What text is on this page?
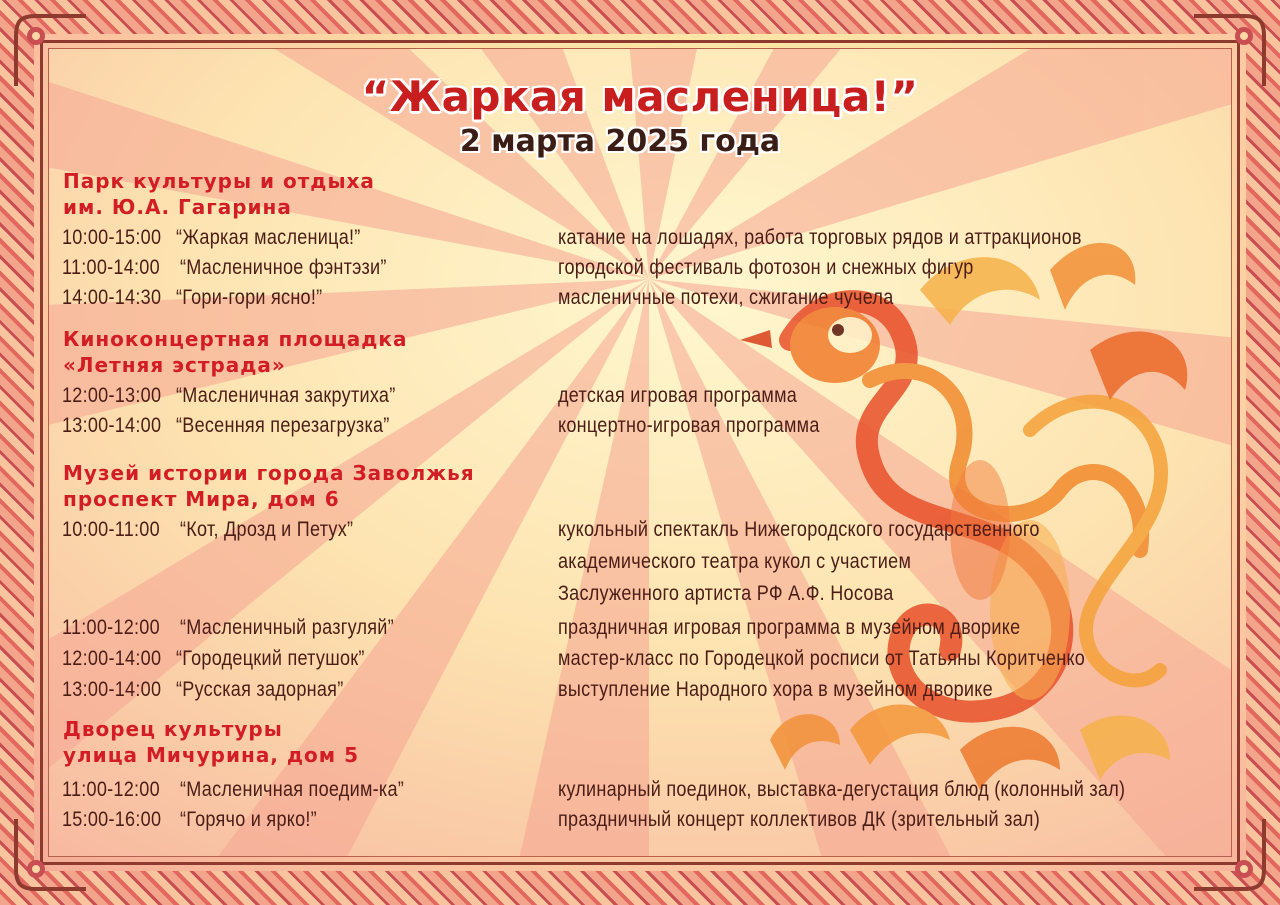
“Жаркая масленица!”
2 марта 2025 года
Парк культуры и отдыха
им. Ю.А. Гагарина
10:00-15:00 “Жаркая масленица!”	катание на лошадях, работа торговых рядов и аттракционов
11:00-14:00 “Масленичное фэнтэзи”	городской фестиваль фотозон и снежных фигур
14:00-14:30 “Гори-гори ясно!”	масленичные потехи, сжигание чучела
Киноконцертная площадка
«Летняя эстрада»
12:00-13:00 “Масленичная закрутиха”	детская игровая программа
13:00-14:00 “Весенняя перезагрузка”	концертно-игровая программа
Музей истории города Заволжья
проспект Мира, дом 6
10:00-11:00 “Кот, Дрозд и Петух”	кукольный спектакль Нижегородского государственного
академического театра кукол с участием
Заслуженного артиста РФ А.Ф. Носова
11:00-12:00 “Масленичный разгуляй”	праздничная игровая программа в музейном дворике
12:00-14:00 “Городецкий петушок”	мастер-класс по Городецкой росписи от Татьяны Коритченко
13:00-14:00 “Русская задорная”	выступление Народного хора в музейном дворике
Дворец культуры
улица Мичурина, дом 5
11:00-12:00 “Масленичная поедим-ка”	кулинарный поединок, выставка-дегустация блюд (колонный зал)
15:00-16:00 “Горячо и ярко!”	праздничный концерт коллективов ДК (зрительный зал)
